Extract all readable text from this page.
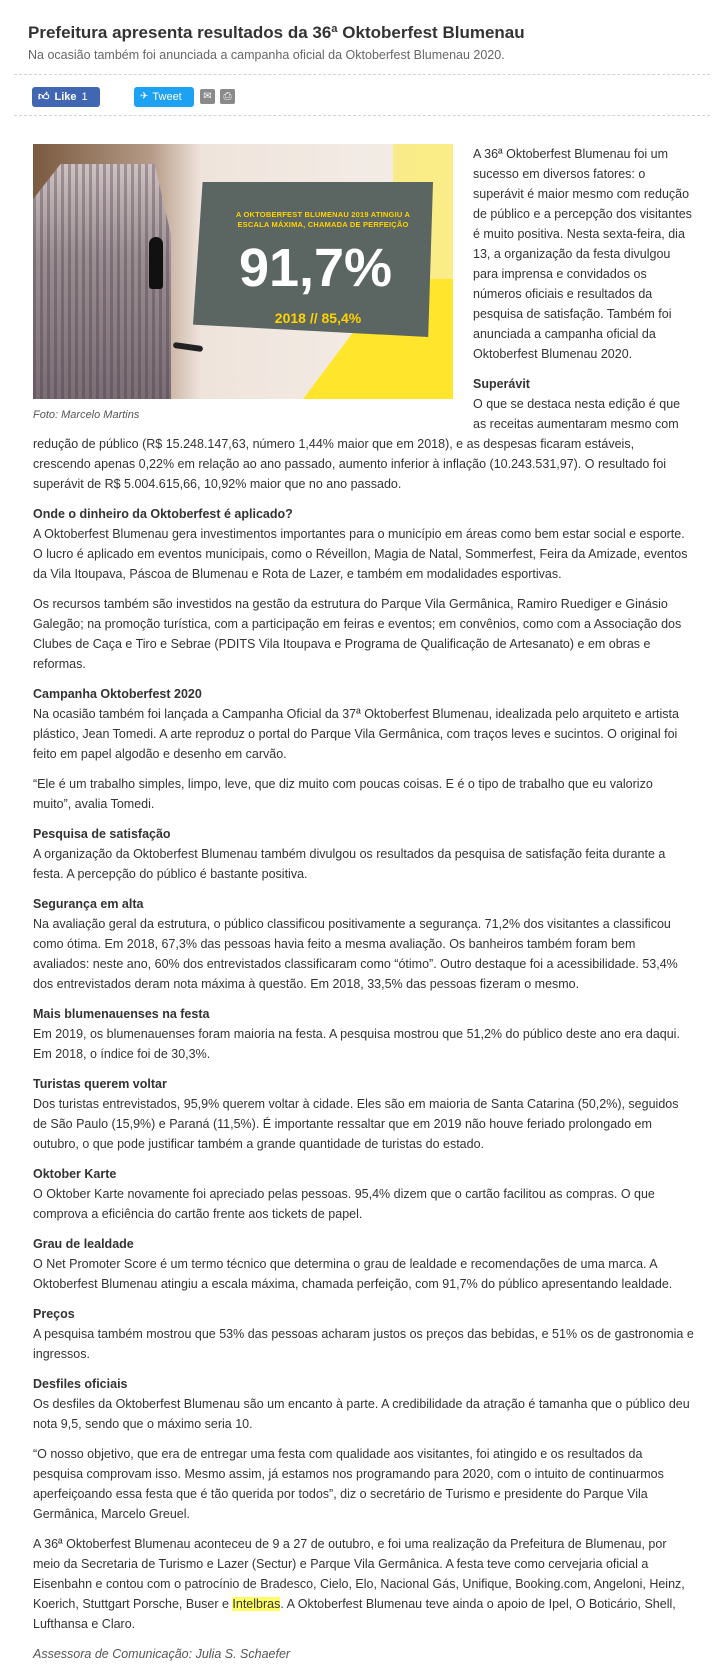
Prefeitura apresenta resultados da 36ª Oktoberfest Blumenau

Na ocasião também foi anunciada a campanha oficial da Oktoberfest Blumenau 2020.

👍︎ Like 1	✈︎ Tweet	✉︎	⎙︎
A OKTOBERFEST BLUMENAU 2019 ATINGIU A ESCALA MÁXIMA, CHAMADA DE PERFEIÇÃO
91,7%
2018 // 85,4%
Foto: Marcelo Martins

A 36ª Oktoberfest Blumenau foi um sucesso em diversos fatores: o superávit é maior mesmo com redução de público e a percepção dos visitantes é muito positiva. Nesta sexta-feira, dia 13, a organização da festa divulgou para imprensa e convidados os números oficiais e resultados da pesquisa de satisfação. Também foi anunciada a campanha oficial da Oktoberfest Blumenau 2020.

Superávit

O que se destaca nesta edição é que as receitas aumentaram mesmo com redução de público (R$ 15.248.147,63, número 1,44% maior que em 2018), e as despesas ficaram estáveis, crescendo apenas 0,22% em relação ao ano passado, aumento inferior à inflação (10.243.531,97). O resultado foi superávit de R$ 5.004.615,66, 10,92% maior que no ano passado.

Onde o dinheiro da Oktoberfest é aplicado?

A Oktoberfest Blumenau gera investimentos importantes para o município em áreas como bem estar social e esporte. O lucro é aplicado em eventos municipais, como o Réveillon, Magia de Natal, Sommerfest, Feira da Amizade, eventos da Vila Itoupava, Páscoa de Blumenau e Rota de Lazer, e também em modalidades esportivas.

Os recursos também são investidos na gestão da estrutura do Parque Vila Germânica, Ramiro Ruediger e Ginásio Galegão; na promoção turística, com a participação em feiras e eventos; em convênios, como com a Associação dos Clubes de Caça e Tiro e Sebrae (PDITS Vila Itoupava e Programa de Qualificação de Artesanato) e em obras e reformas.

Campanha Oktoberfest 2020

Na ocasião também foi lançada a Campanha Oficial da 37ª Oktoberfest Blumenau, idealizada pelo arquiteto e artista plástico, Jean Tomedi. A arte reproduz o portal do Parque Vila Germânica, com traços leves e sucintos. O original foi feito em papel algodão e desenho em carvão.

“Ele é um trabalho simples, limpo, leve, que diz muito com poucas coisas. E é o tipo de trabalho que eu valorizo muito”, avalia Tomedi.

Pesquisa de satisfação

A organização da Oktoberfest Blumenau também divulgou os resultados da pesquisa de satisfação feita durante a festa. A percepção do público é bastante positiva.

Segurança em alta

Na avaliação geral da estrutura, o público classificou positivamente a segurança. 71,2% dos visitantes a classificou como ótima. Em 2018, 67,3% das pessoas havia feito a mesma avaliação. Os banheiros também foram bem avaliados: neste ano, 60% dos entrevistados classificaram como “ótimo”. Outro destaque foi a acessibilidade. 53,4% dos entrevistados deram nota máxima à questão. Em 2018, 33,5% das pessoas fizeram o mesmo.

Mais blumenauenses na festa

Em 2019, os blumenauenses foram maioria na festa. A pesquisa mostrou que 51,2% do público deste ano era daqui. Em 2018, o índice foi de 30,3%.

Turistas querem voltar

Dos turistas entrevistados, 95,9% querem voltar à cidade. Eles são em maioria de Santa Catarina (50,2%), seguidos de São Paulo (15,9%) e Paraná (11,5%). É importante ressaltar que em 2019 não houve feriado prolongado em outubro, o que pode justificar também a grande quantidade de turistas do estado.

Oktober Karte

O Oktober Karte novamente foi apreciado pelas pessoas. 95,4% dizem que o cartão facilitou as compras. O que comprova a eficiência do cartão frente aos tickets de papel.

Grau de lealdade

O Net Promoter Score é um termo técnico que determina o grau de lealdade e recomendações de uma marca. A Oktoberfest Blumenau atingiu a escala máxima, chamada perfeição, com 91,7% do público apresentando lealdade.

Preços

A pesquisa também mostrou que 53% das pessoas acharam justos os preços das bebidas, e 51% os de gastronomia e ingressos.

Desfiles oficiais

Os desfiles da Oktoberfest Blumenau são um encanto à parte. A credibilidade da atração é tamanha que o público deu nota 9,5, sendo que o máximo seria 10.

“O nosso objetivo, que era de entregar uma festa com qualidade aos visitantes, foi atingido e os resultados da pesquisa comprovam isso. Mesmo assim, já estamos nos programando para 2020, com o intuito de continuarmos aperfeiçoando essa festa que é tão querida por todos”, diz o secretário de Turismo e presidente do Parque Vila Germânica, Marcelo Greuel.

A 36ª Oktoberfest Blumenau aconteceu de 9 a 27 de outubro, e foi uma realização da Prefeitura de Blumenau, por meio da Secretaria de Turismo e Lazer (Sectur) e Parque Vila Germânica. A festa teve como cervejaria oficial a Eisenbahn e contou com o patrocínio de Bradesco, Cielo, Elo, Nacional Gás, Unifique, Booking.com, Angeloni, Heinz, Koerich, Stuttgart Porsche, Buser e Intelbras. A Oktoberfest Blumenau teve ainda o apoio de Ipel, O Boticário, Shell, Lufthansa e Claro.

Assessora de Comunicação: Julia S. Schaefer
